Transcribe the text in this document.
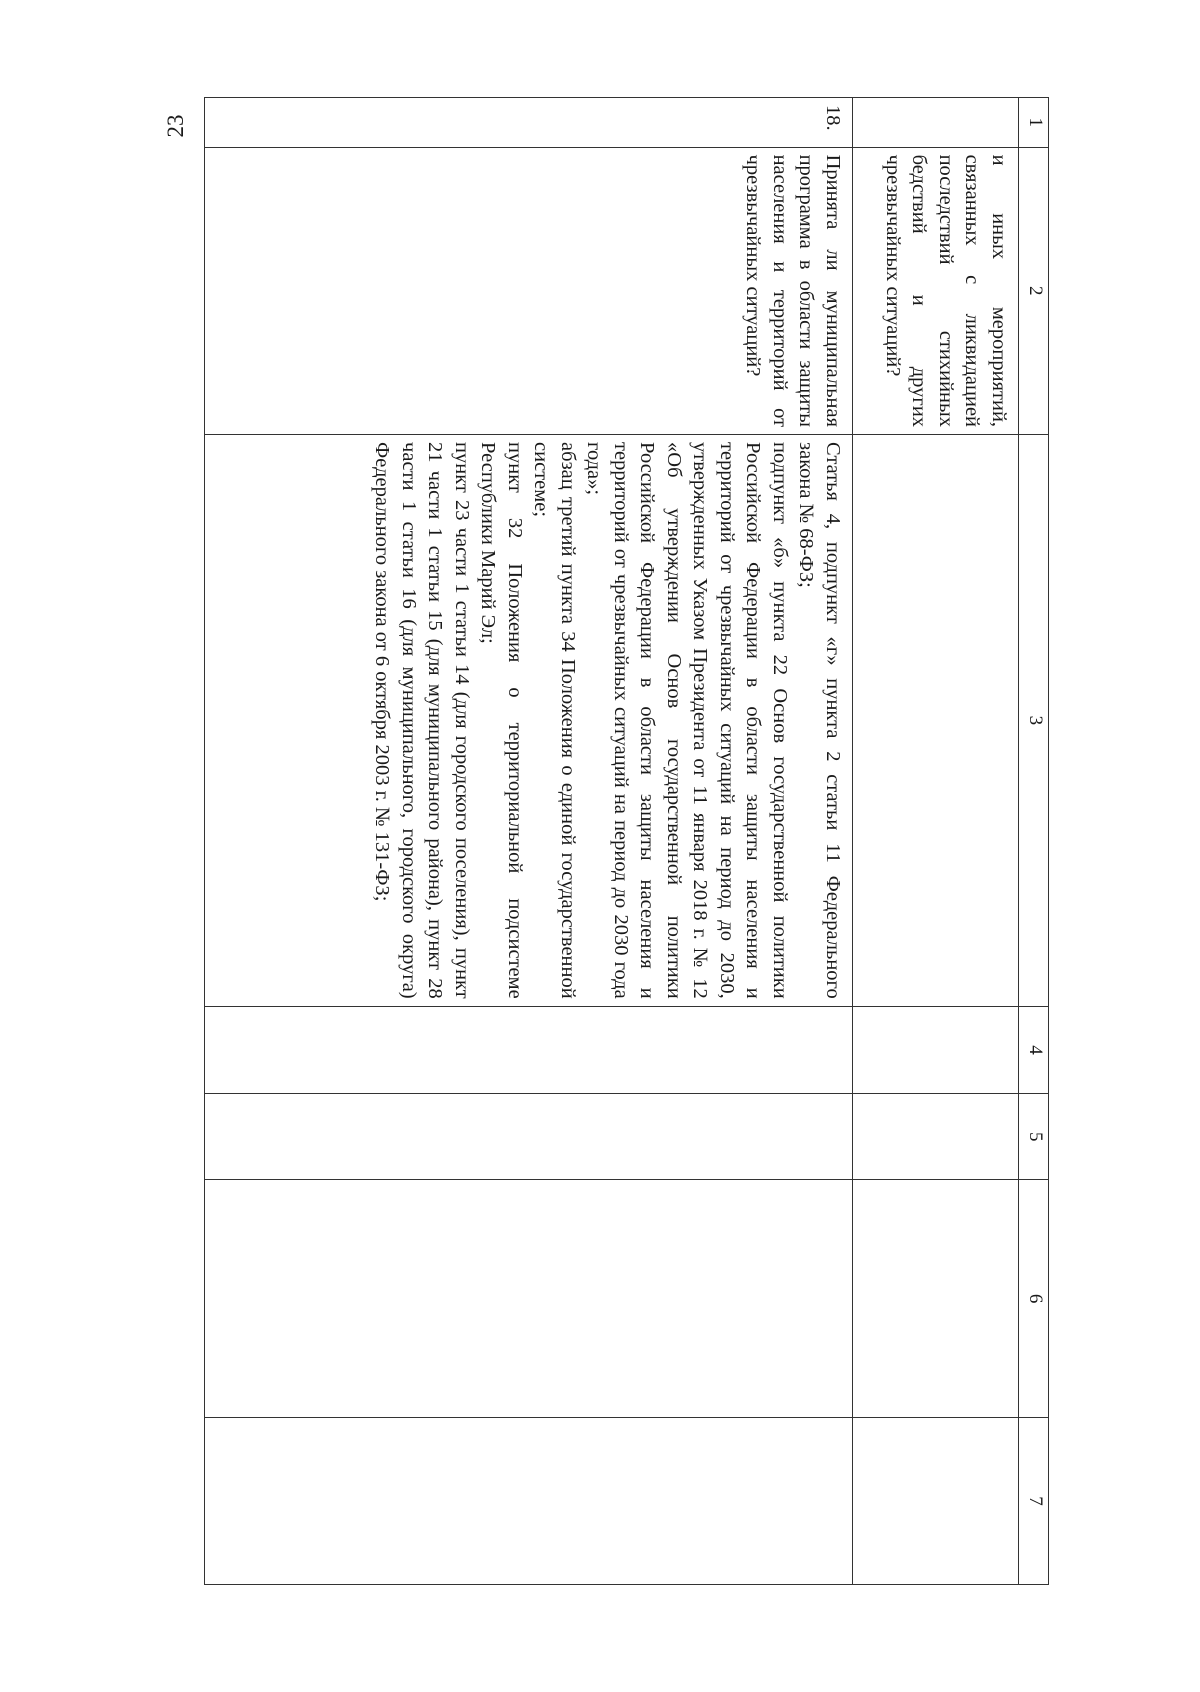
23	1	2	3	4	5	6	7
	и иных мероприятий, связанных с ликвидацией последствий стихийных бедствий и других чрезвычайных ситуаций?					
18.	Принята ли муниципальная программа в области защиты населения и территорий от чрезвычайных ситуаций?	Статья 4, подпункт «г» пункта 2 статьи 11 Федерального закона № 68-ФЗ;
подпункт «б» пункта 22 Основ государственной политики Российской Федерации в области защиты населения и территорий от чрезвычайных ситуаций на период до 2030, утвержденных Указом Президента от 11 января 2018 г. № 12 «Об утверждении Основ государственной политики Российской Федерации в области защиты населения и территорий от чрезвычайных ситуаций на период до 2030 года года»;
абзац третий пункта 34 Положения о единой государственной системе;
пункт 32 Положения о территориальной подсистеме Республики Марий Эл;
пункт 23 части 1 статьи 14 (для городского поселения), пункт 21 части 1 статьи 15 (для муниципального района), пункт 28 части 1 статьи 16 (для муниципального, городского округа) Федерального закона от 6 октября 2003 г. № 131-ФЗ;				
